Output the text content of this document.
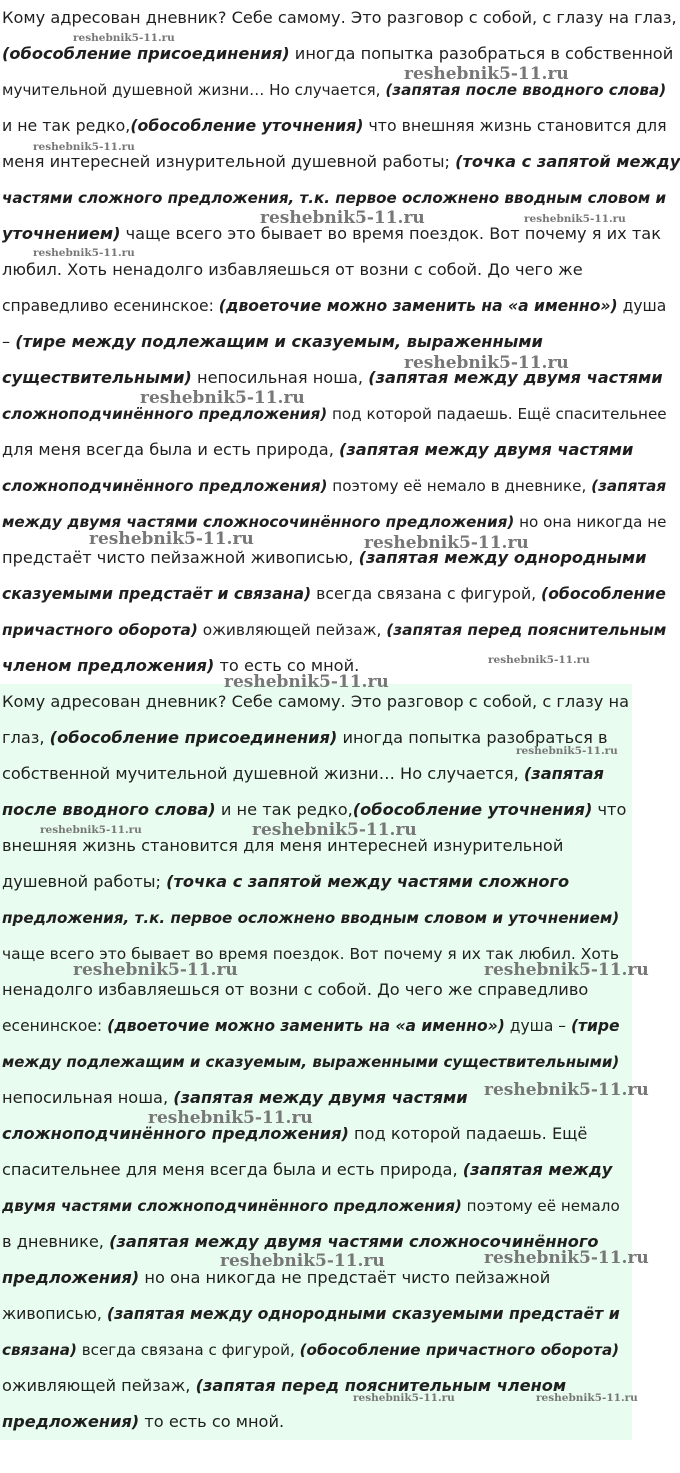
Кому адресован дневник? Себе самому. Это разговор с собой, с глазу на глаз,
(обособление присоединения) иногда попытка разобраться в собственной
мучительной душевной жизни… Но случается, (запятая после вводного слова)
и не так редко,(обособление уточнения) что внешняя жизнь становится для
меня интересней изнурительной душевной работы; (точка с запятой между
частями сложного предложения, т.к. первое осложнено вводным словом и
уточнением) чаще всего это бывает во время поездок. Вот почему я их так
любил. Хоть ненадолго избавляешься от возни с собой. До чего же
справедливо есенинское: (двоеточие можно заменить на «а именно») душа
– (тире между подлежащим и сказуемым, выраженными
существительными) непосильная ноша, (запятая между двумя частями
сложноподчинённого предложения) под которой падаешь. Ещё спасительнее
для меня всегда была и есть природа, (запятая между двумя частями
сложноподчинённого предложения) поэтому её немало в дневнике, (запятая
между двумя частями сложносочинённого предложения) но она никогда не
предстаёт чисто пейзажной живописью, (запятая между однородными
сказуемыми предстаёт и связана) всегда связана с фигурой, (обособление
причастного оборота) оживляющей пейзаж, (запятая перед пояснительным
членом предложения) то есть со мной.
Кому адресован дневник? Себе самому. Это разговор с собой, с глазу на
глаз, (обособление присоединения) иногда попытка разобраться в
собственной мучительной душевной жизни… Но случается, (запятая
после вводного слова) и не так редко,(обособление уточнения) что
внешняя жизнь становится для меня интересней изнурительной
душевной работы; (точка с запятой между частями сложного
предложения, т.к. первое осложнено вводным словом и уточнением)
чаще всего это бывает во время поездок. Вот почему я их так любил. Хоть
ненадолго избавляешься от возни с собой. До чего же справедливо
есенинское: (двоеточие можно заменить на «а именно») душа – (тире
между подлежащим и сказуемым, выраженными существительными)
непосильная ноша, (запятая между двумя частями
сложноподчинённого предложения) под которой падаешь. Ещё
спасительнее для меня всегда была и есть природа, (запятая между
двумя частями сложноподчинённого предложения) поэтому её немало
в дневнике, (запятая между двумя частями сложносочинённого
предложения) но она никогда не предстаёт чисто пейзажной
живописью, (запятая между однородными сказуемыми предстаёт и
связана) всегда связана с фигурой, (обособление причастного оборота)
оживляющей пейзаж, (запятая перед пояснительным членом
предложения) то есть со мной.
reshebnik5-11.ru
reshebnik5-11.ru
reshebnik5-11.ru
reshebnik5-11.ru	reshebnik5-11.ru
reshebnik5-11.ru
reshebnik5-11.ru
reshebnik5-11.ru
reshebnik5-11.ru	reshebnik5-11.ru
reshebnik5-11.ru
reshebnik5-11.ru
reshebnik5-11.ru
reshebnik5-11.ru	reshebnik5-11.ru
reshebnik5-11.ru	reshebnik5-11.ru
reshebnik5-11.ru
reshebnik5-11.ru
reshebnik5-11.ru	reshebnik5-11.ru
reshebnik5-11.ru	reshebnik5-11.ru
